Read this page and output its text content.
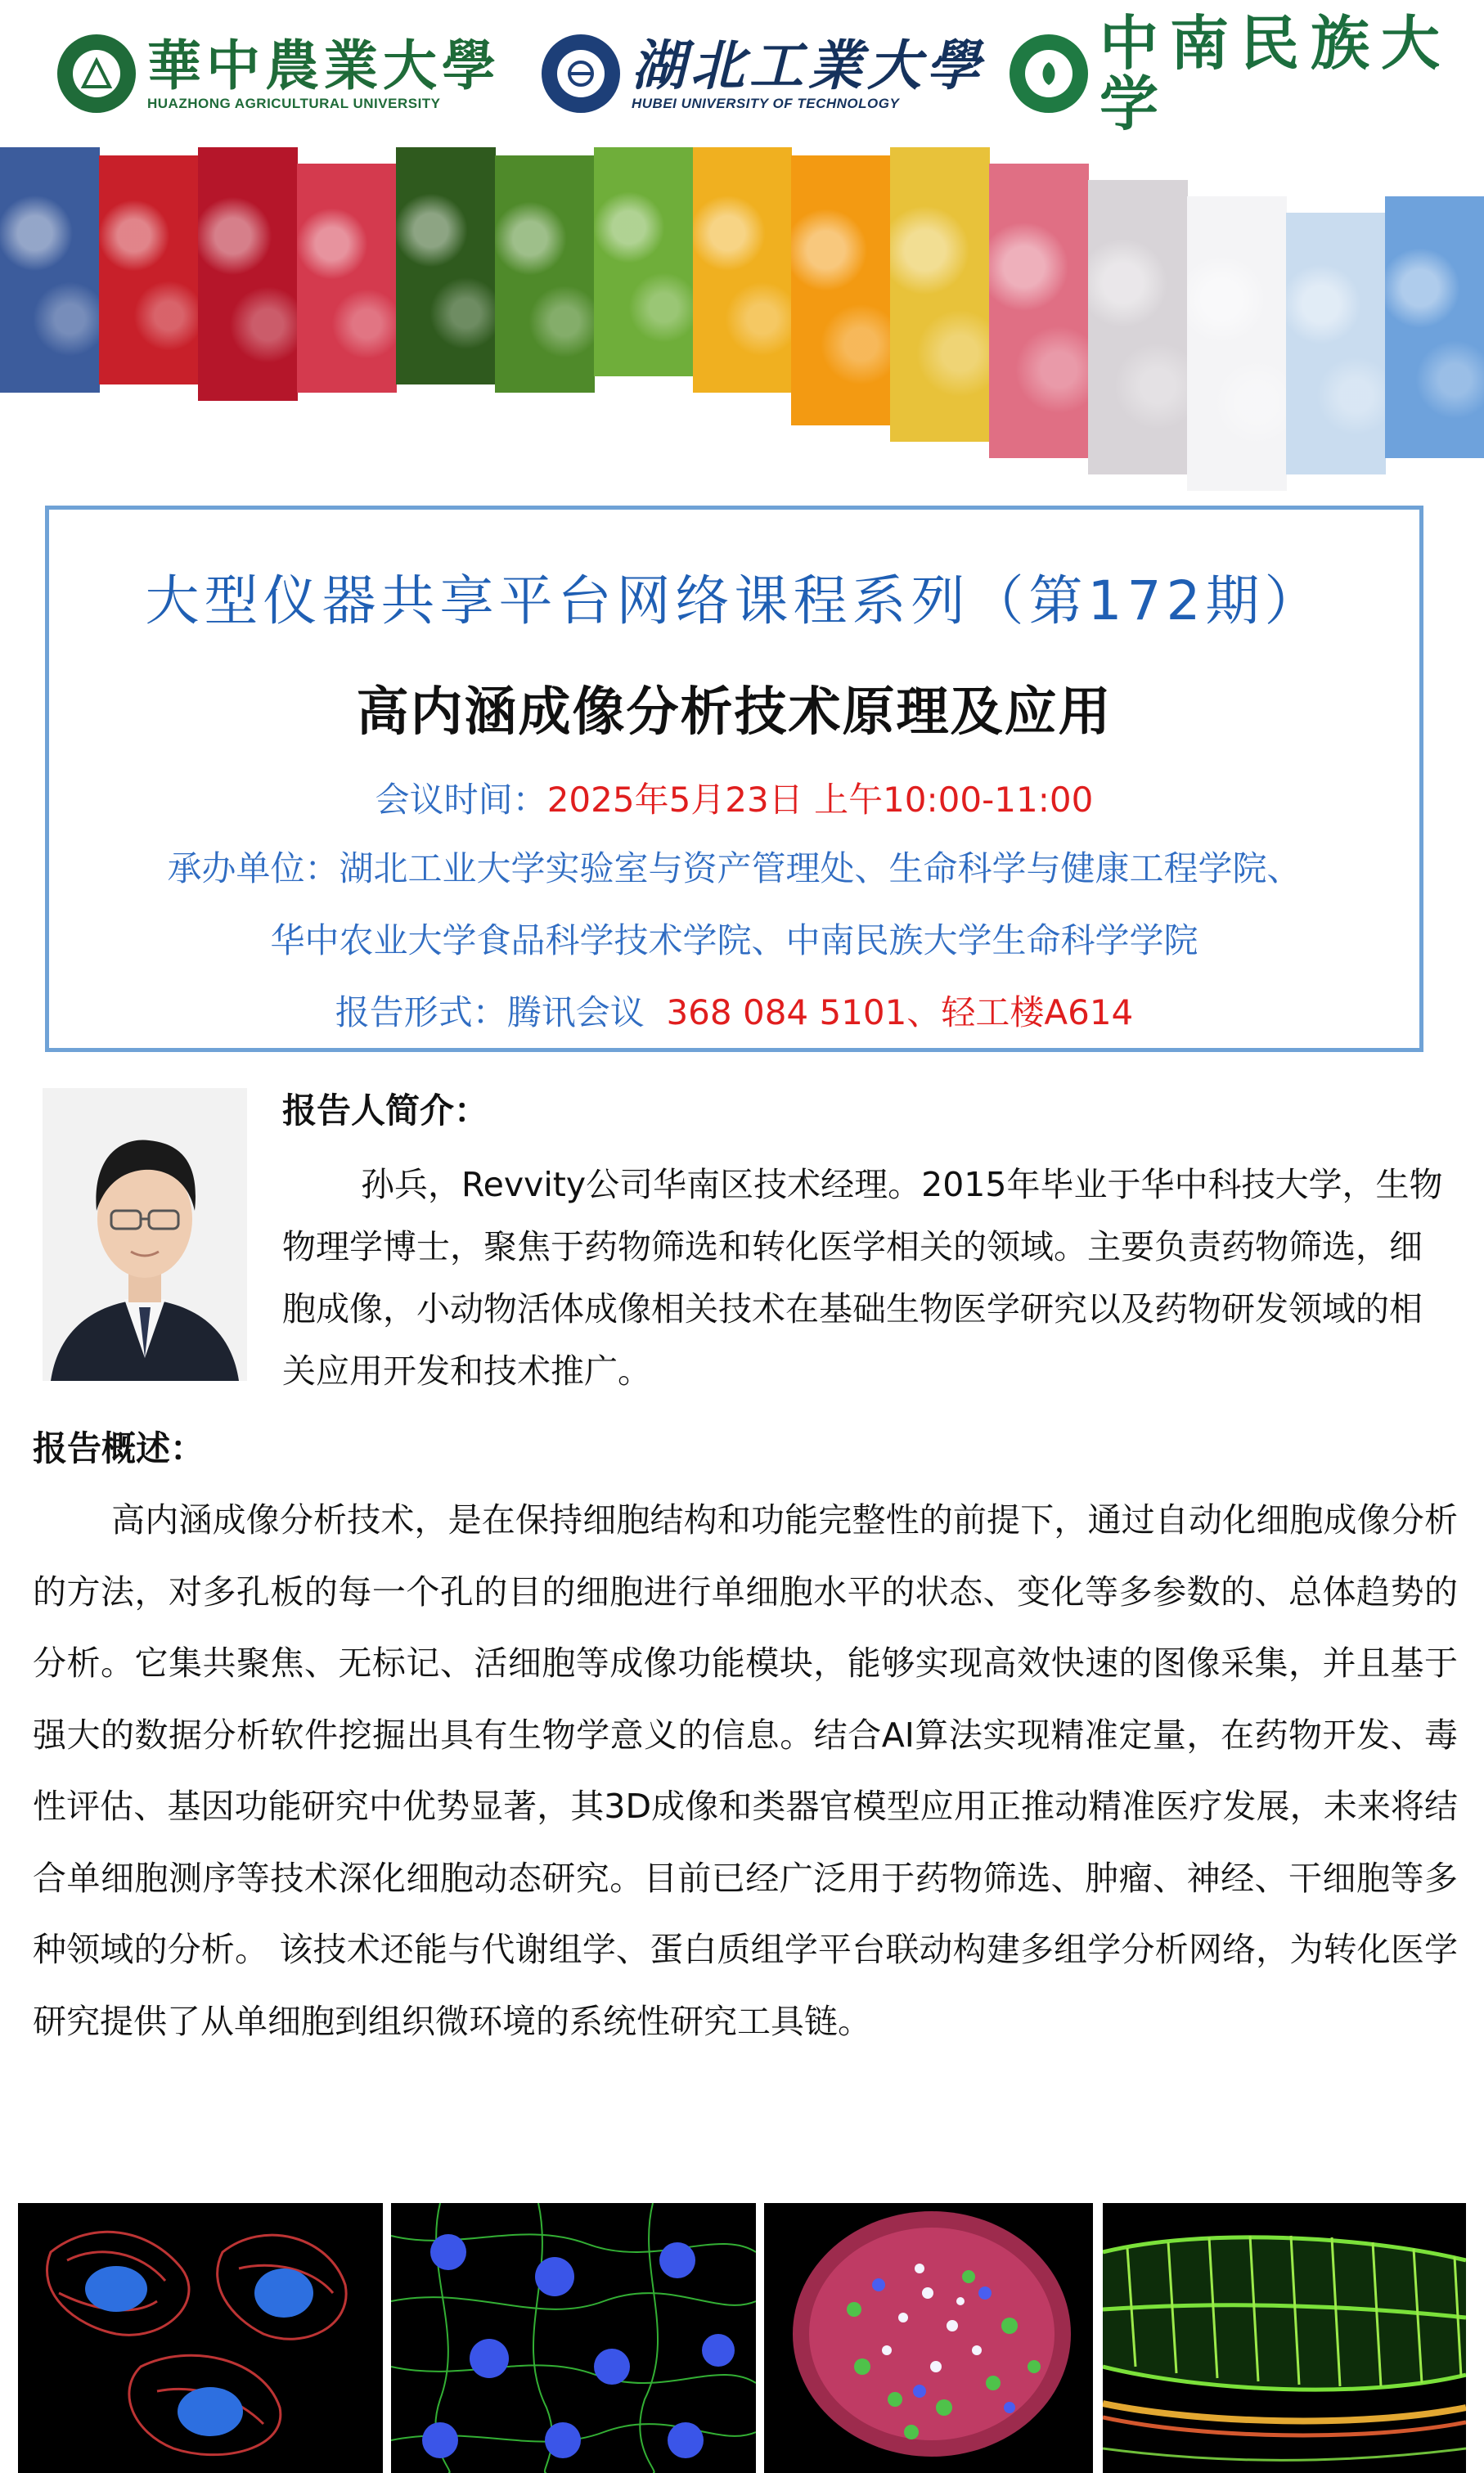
華中農業大學
HUAZHONG AGRICULTURAL UNIVERSITY
湖北工業大學
HUBEI UNIVERSITY OF TECHNOLOGY
中南民族大学
大型仪器共享平台网络课程系列（第172期）
高内涵成像分析技术原理及应用
会议时间：2025年5月23日 上午10:00-11:00
承办单位：湖北工业大学实验室与资产管理处、生命科学与健康工程学院、
华中农业大学食品科学技术学院、中南民族大学生命科学学院
报告形式：腾讯会议 368 084 5101、轻工楼A614
报告人简介：

孙兵，Revvity公司华南区技术经理。2015年毕业于华中科技大学，生物物理学博士，聚焦于药物筛选和转化医学相关的领域。主要负责药物筛选，细胞成像，小动物活体成像相关技术在基础生物医学研究以及药物研发领域的相关应用开发和技术推广。

报告概述：

高内涵成像分析技术，是在保持细胞结构和功能完整性的前提下，通过自动化细胞成像分析的方法，对多孔板的每一个孔的目的细胞进行单细胞水平的状态、变化等多参数的、总体趋势的分析。它集共聚焦、无标记、活细胞等成像功能模块，能够实现高效快速的图像采集，并且基于强大的数据分析软件挖掘出具有生物学意义的信息。结合AI算法实现精准定量，在药物开发、毒性评估、基因功能研究中优势显著，其3D成像和类器官模型应用正推动精准医疗发展，未来将结合单细胞测序等技术深化细胞动态研究。目前已经广泛用于药物筛选、肿瘤、神经、干细胞等多种领域的分析。 该技术还能与代谢组学、蛋白质组学平台联动构建多组学分析网络，为转化医学研究提供了从单细胞到组织微环境的系统性研究工具链。
